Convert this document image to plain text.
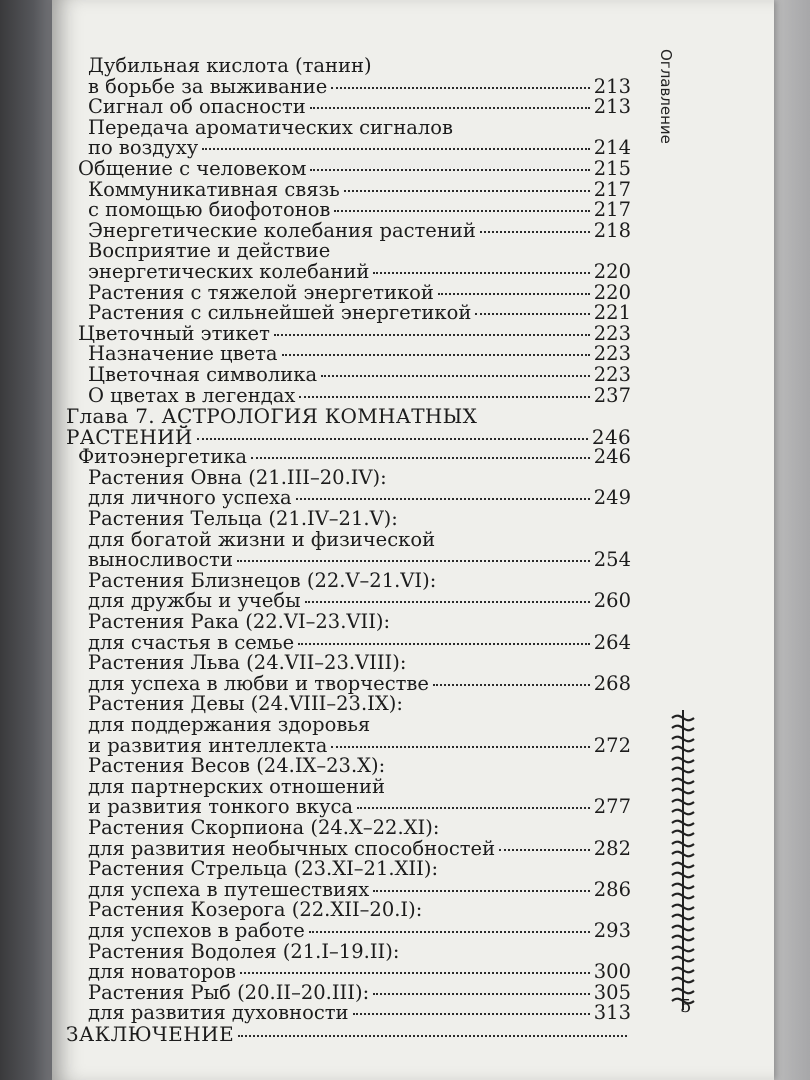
Дубильная кислота (танин)
в борьбе за выживание	213
Сигнал об опасности	213
Передача ароматических сигналов
по воздуху	214
Общение с человеком	215
Коммуникативная связь	217
с помощью биофотонов	217
Энергетические колебания растений	218
Восприятие и действие
энергетических колебаний	220
Растения с тяжелой энергетикой	220
Растения с сильнейшей энергетикой	221
Цветочный этикет	223
Назначение цвета	223
Цветочная символика	223
О цветах в легендах	237
Глава 7. АСТРОЛОГИЯ КОМНАТНЫХ
РАСТЕНИЙ	246
Фитоэнергетика	246
Растения Овна (21.III–20.IV):
для личного успеха	249
Растения Тельца (21.IV–21.V):
для богатой жизни и физической
выносливости	254
Растения Близнецов (22.V–21.VI):
для дружбы и учебы	260
Растения Рака (22.VI–23.VII):
для счастья в семье	264
Растения Льва (24.VII–23.VIII):
для успеха в любви и творчестве	268
Растения Девы (24.VIII–23.IX):
для поддержания здоровья
и развития интеллекта	272
Растения Весов (24.IX–23.X):
для партнерских отношений
и развития тонкого вкуса	277
Растения Скорпиона (24.X–22.XI):
для развития необычных способностей	282
Растения Стрельца (23.XI–21.XII):
для успеха в путешествиях	286
Растения Козерога (22.XII–20.I):
для успехов в работе	293
Растения Водолея (21.I–19.II):
для новаторов	300
Растения Рыб (20.II–20.III):	305
для развития духовности	313
ЗАКЛЮЧЕНИЕ
Оглавление
5
